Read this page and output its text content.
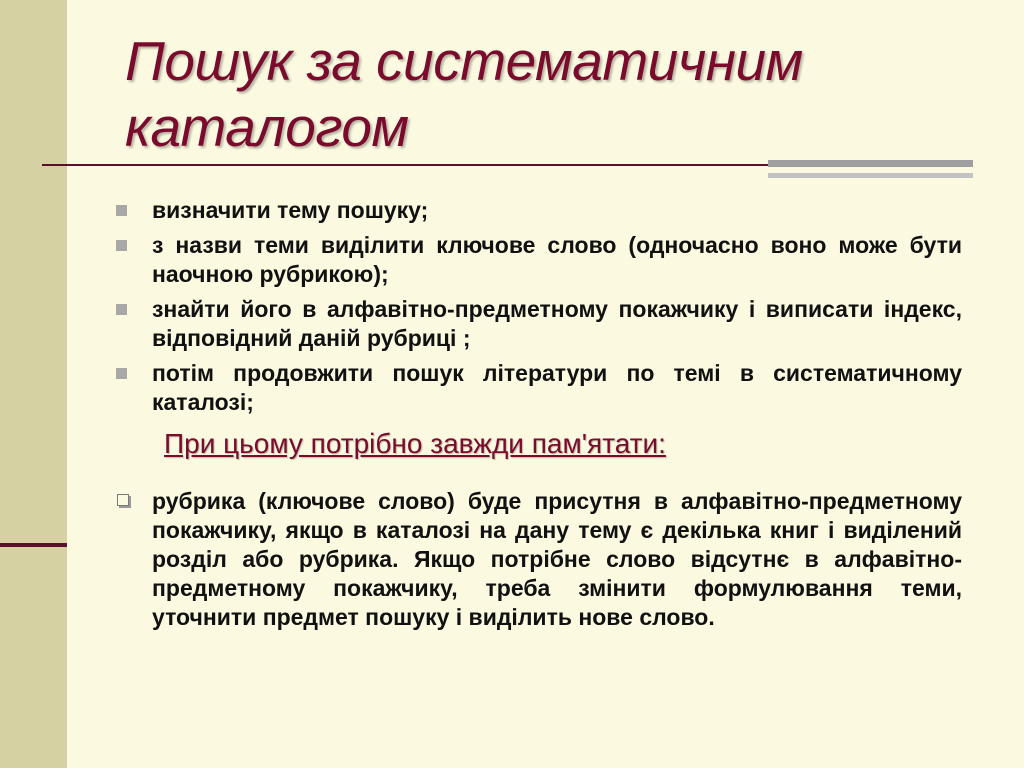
Пошук за систематичним каталогом
визначити тему пошуку;
з назви теми виділити ключове слово (одночасно воно може бути наочною рубрикою);
знайти його в алфавітно-предметному покажчику і виписати індекс, відповідний даній рубриці ;
потім продовжити пошук літератури по темі в систематичному каталозі;
При цьому потрібно завжди пам'ятати:
рубрика (ключове слово) буде присутня в алфавітно-предметному покажчику, якщо в каталозі на дану тему є декілька книг і виділений розділ або рубрика. Якщо потрібне слово відсутнє в алфавітно-предметному покажчику, треба змінити формулювання теми, уточнити предмет пошуку і виділить нове слово.
